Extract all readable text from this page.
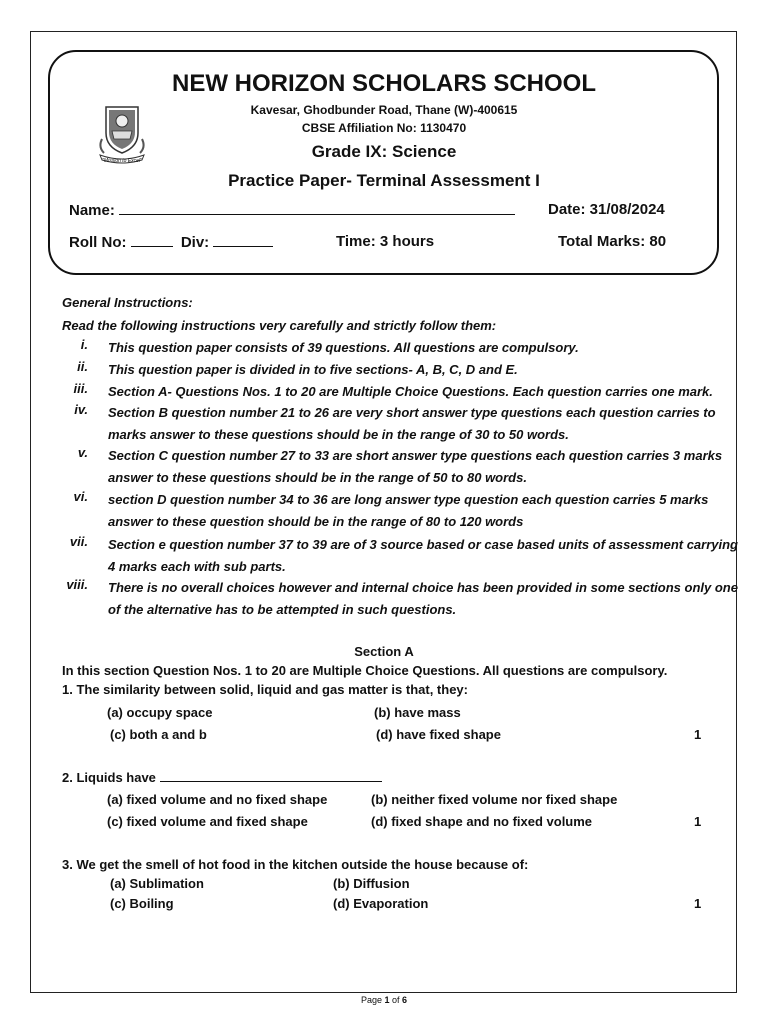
"Mission to Excel"
NEW HORIZON SCHOLARS SCHOOL
Kavesar, Ghodbunder Road, Thane (W)-400615
CBSE Affiliation No: 1130470
Grade IX: Science
Practice Paper- Terminal Assessment I
Name:	Date: 31/08/2024
Roll No:	Div:	Time: 3 hours	Total Marks: 80
General Instructions:
Read the following instructions very carefully and strictly follow them:
i. This question paper consists of 39 questions. All questions are compulsory.
ii. This question paper is divided in to five sections- A, B, C, D and E.
iii. Section A- Questions Nos. 1 to 20 are Multiple Choice Questions. Each question carries one mark.
iv. Section B question number 21 to 26 are very short answer type questions each question carries to marks answer to these questions should be in the range of 30 to 50 words.
v. Section C question number 27 to 33 are short answer type questions each question carries 3 marks answer to these questions should be in the range of 50 to 80 words.
vi. section D question number 34 to 36 are long answer type question each question carries 5 marks answer to these question should be in the range of 80 to 120 words
vii. Section e question number 37 to 39 are of 3 source based or case based units of assessment carrying 4 marks each with sub parts.
viii. There is no overall choices however and internal choice has been provided in some sections only one of the alternative has to be attempted in such questions.
Section A
In this section Question Nos. 1 to 20 are Multiple Choice Questions. All questions are compulsory.
1. The similarity between solid, liquid and gas matter is that, they:
(a) occupy space	(b) have mass
(c) both a and b	(d) have fixed shape	1
2. Liquids have
(a) fixed volume and no fixed shape	(b) neither fixed volume nor fixed shape
(c) fixed volume and fixed shape	(d) fixed shape and no fixed volume	1
3. We get the smell of hot food in the kitchen outside the house because of:
(a) Sublimation	(b) Diffusion
(c) Boiling	(d) Evaporation	1
Page 1 of 6
